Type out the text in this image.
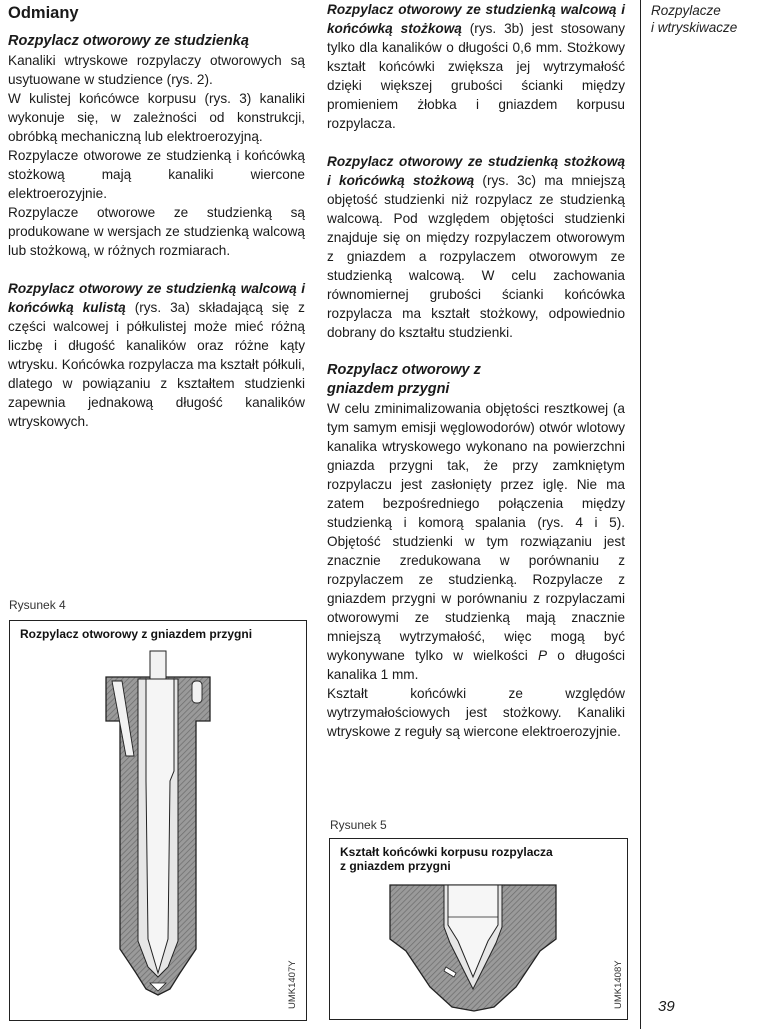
Rozpylacze
i wtryskiwacze
Odmiany
Rozpylacz otworowy ze studzienką

Kanaliki wtryskowe rozpylaczy otworowych są usytuowane w studzience (rys. 2).

W kulistej końcówce korpusu (rys. 3) kanaliki wykonuje się, w zależności od konstrukcji, obróbką mechaniczną lub elektroerozyjną.

Rozpylacze otworowe ze studzienką i końcówką stożkową mają kanaliki wiercone elektroerozyjnie.

Rozpylacze otworowe ze studzienką są produkowane w wersjach ze studzienką walcową lub stożkową, w różnych rozmiarach.

Rozpylacz otworowy ze studzienką walcową i końcówką kulistą (rys. 3a) składającą się z części walcowej i półkulistej może mieć różną liczbę i długość kanalików oraz różne kąty wtrysku. Końcówka rozpylacza ma kształt półkuli, dlatego w powiązaniu z kształtem studzienki zapewnia jednakową długość kanalików wtryskowych.

Rozpylacz otworowy ze studzienką walcową i końcówką stożkową (rys. 3b) jest stosowany tylko dla kanalików o długości 0,6 mm. Stożkowy kształt końcówki zwiększa jej wytrzymałość dzięki większej grubości ścianki między promieniem żłobka i gniazdem korpusu rozpylacza.

Rozpylacz otworowy ze studzienką stożkową i końcówką stożkową (rys. 3c) ma mniejszą objętość studzienki niż rozpylacz ze studzienką walcową. Pod względem objętości studzienki znajduje się on między rozpylaczem otworowym z gniazdem a rozpylaczem otworowym ze studzienką walcową. W celu zachowania równomiernej grubości ścianki końcówka rozpylacza ma kształt stożkowy, odpowiednio dobrany do kształtu studzienki.

Rozpylacz otworowy z gniazdem przygni

W celu zminimalizowania objętości resztkowej (a tym samym emisji węglowodorów) otwór wlotowy kanalika wtryskowego wykonano na powierzchni gniazda przygni tak, że przy zamkniętym rozpylaczu jest zasłonięty przez iglę. Nie ma zatem bezpośredniego połączenia między studzienką i komorą spalania (rys. 4 i 5). Objętość studzienki w tym rozwiązaniu jest znacznie zredukowana w porównaniu z rozpylaczem ze studzienką. Rozpylacze z gniazdem przygni w porównaniu z rozpylaczami otworowymi ze studzienką mają znacznie mniejszą wytrzymałość, więc mogą być wykonywane tylko w wielkości P o długości kanalika 1 mm.

Kształt końcówki ze względów wytrzymałościowych jest stożkowy. Kanaliki wtryskowe z reguły są wiercone elektroerozyjnie.

Rysunek 4
Rozpylacz otworowy z gniazdem przygni
UMK1407Y
Rysunek 5
Kształt końcówki korpusu rozpylacza
z gniazdem przygni
UMK1408Y 39
